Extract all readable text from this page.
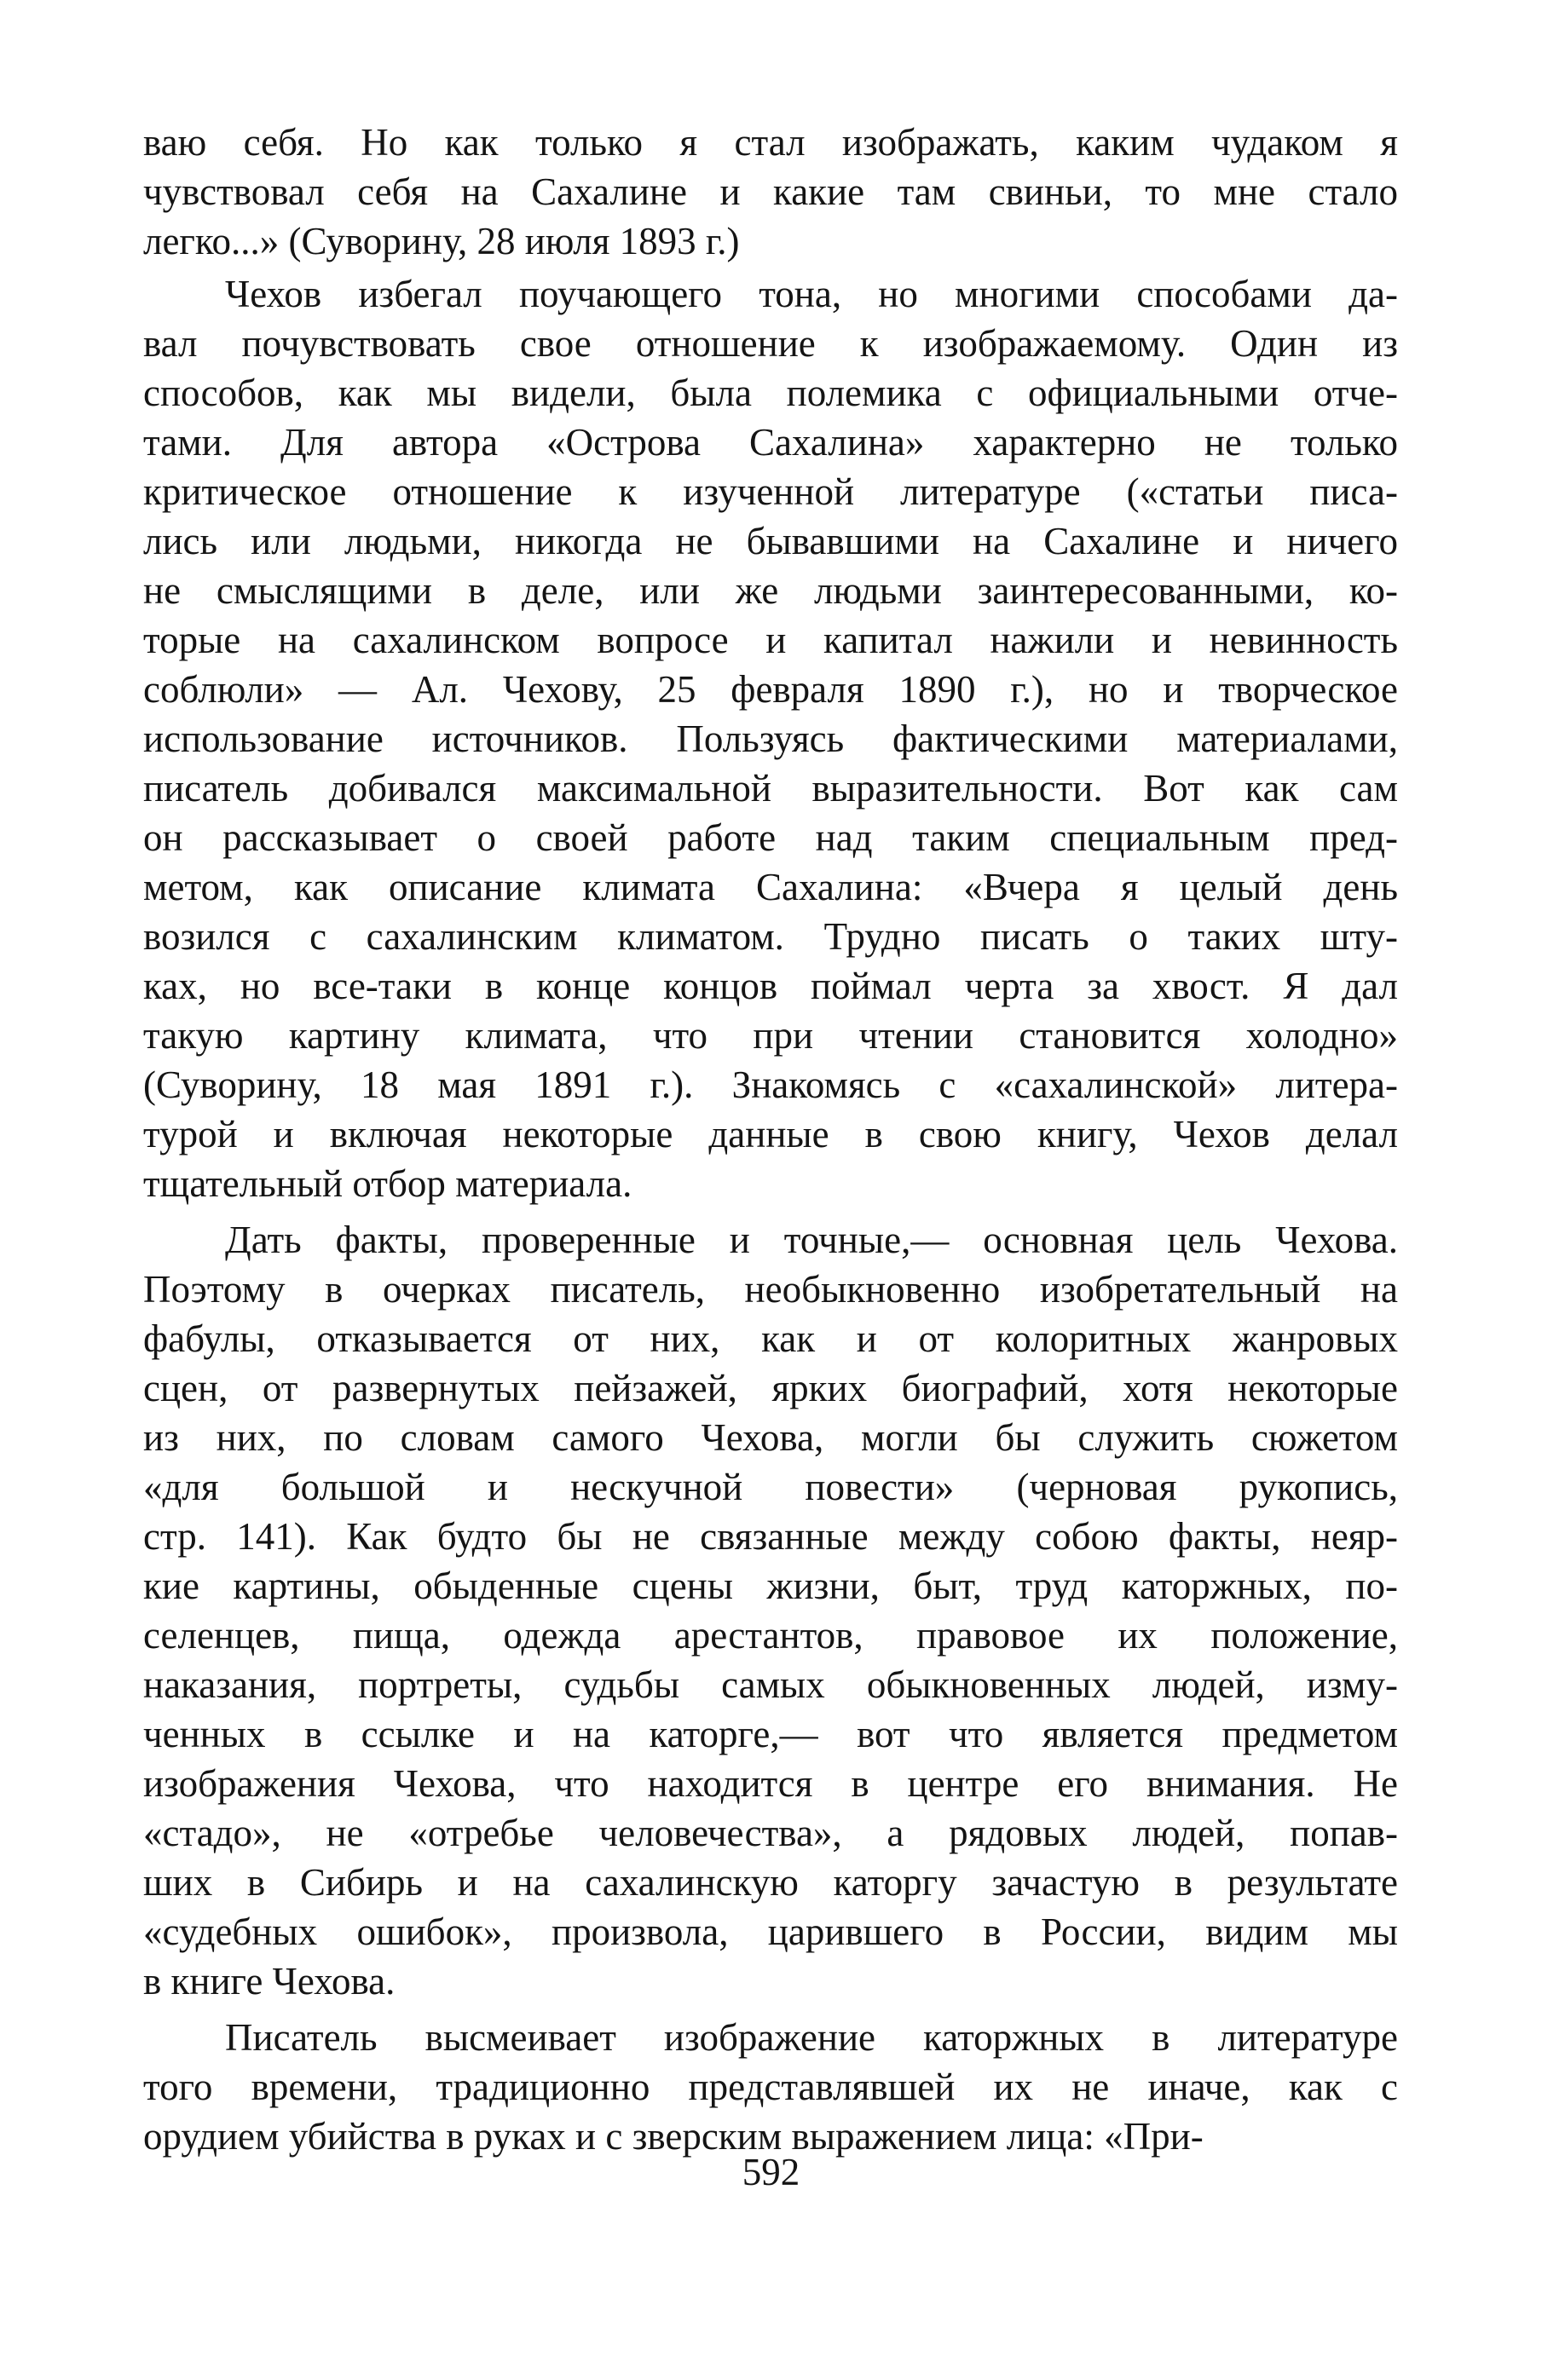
ваю себя. Но как только я стал изображать, каким чудаком я
чувствовал себя на Сахалине и какие там свиньи, то мне стало
легко...» (Суворину, 28 июля 1893 г.)
Чехов избегал поучающего тона, но многими способами да-
вал почувствовать свое отношение к изображаемому. Один из
способов, как мы видели, была полемика с официальными отче-
тами. Для автора «Острова Сахалина» характерно не только
критическое отношение к изученной литературе («статьи писа-
лись или людьми, никогда не бывавшими на Сахалине и ничего
не смыслящими в деле, или же людьми заинтересованными, ко-
торые на сахалинском вопросе и капитал нажили и невинность
соблюли» — Ал. Чехову, 25 февраля 1890 г.), но и творческое
использование источников. Пользуясь фактическими материалами,
писатель добивался максимальной выразительности. Вот как сам
он рассказывает о своей работе над таким специальным пред-
метом, как описание климата Сахалина: «Вчера я целый день
возился с сахалинским климатом. Трудно писать о таких шту-
ках, но все-таки в конце концов поймал черта за хвост. Я дал
такую картину климата, что при чтении становится холодно»
(Суворину, 18 мая 1891 г.). Знакомясь с «сахалинской» литера-
турой и включая некоторые данные в свою книгу, Чехов делал
тщательный отбор материала.
Дать факты, проверенные и точные,— основная цель Чехова.
Поэтому в очерках писатель, необыкновенно изобретательный на
фабулы, отказывается от них, как и от колоритных жанровых
сцен, от развернутых пейзажей, ярких биографий, хотя некоторые
из них, по словам самого Чехова, могли бы служить сюжетом
«для большой и нескучной повести» (черновая рукопись,
стр. 141). Как будто бы не связанные между собою факты, неяр-
кие картины, обыденные сцены жизни, быт, труд каторжных, по-
селенцев, пища, одежда арестантов, правовое их положение,
наказания, портреты, судьбы самых обыкновенных людей, изму-
ченных в ссылке и на каторге,— вот что является предметом
изображения Чехова, что находится в центре его внимания. Не
«стадо», не «отребье человечества», а рядовых людей, попав-
ших в Сибирь и на сахалинскую каторгу зачастую в результате
«судебных ошибок», произвола, царившего в России, видим мы
в книге Чехова.
Писатель высмеивает изображение каторжных в литературе
того времени, традиционно представлявшей их не иначе, как с
орудием убийства в руках и с зверским выражением лица: «При-
592
